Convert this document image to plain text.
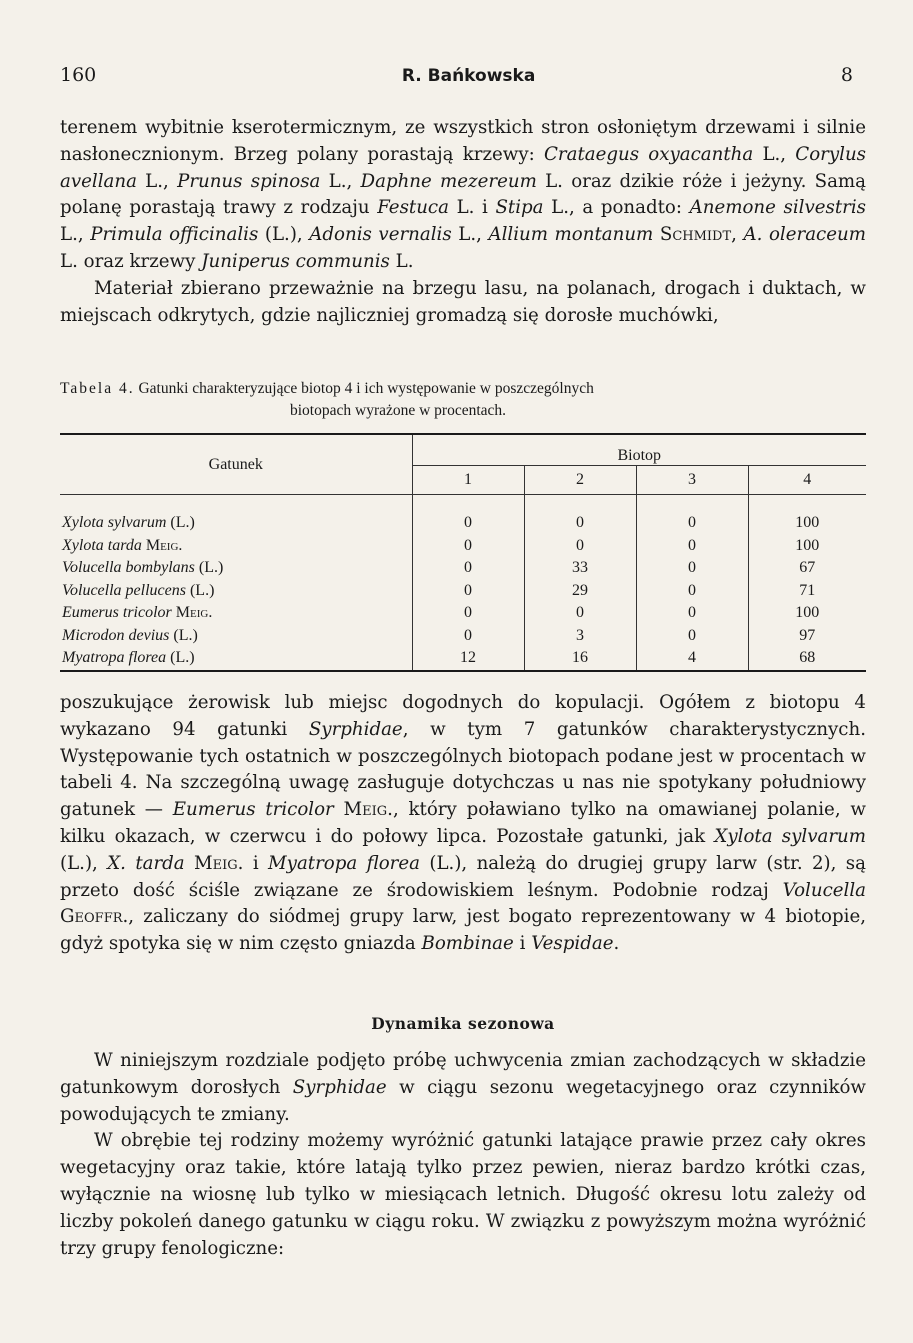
160	R. Bańkowska	8

terenem wybitnie kserotermicznym, ze wszystkich stron osłoniętym drzewami i silnie nasłonecznionym. Brzeg polany porastają krzewy: Crataegus oxyacantha L., Corylus avellana L., Prunus spinosa L., Daphne mezereum L. oraz dzikie róże i jeżyny. Samą polanę porastają trawy z rodzaju Festuca L. i Stipa L., a ponadto: Anemone silvestris L., Primula officinalis (L.), Adonis vernalis L., Allium montanum Schmidt, A. oleraceum L. oraz krzewy Juniperus communis L.

Materiał zbierano przeważnie na brzegu lasu, na polanach, drogach i duktach, w miejscach odkrytych, gdzie najliczniej gromadzą się dorosłe muchówki,

Tabela 4. Gatunki charakteryzujące biotop 4 i ich występowanie w poszczególnych
biotopach wyrażone w procentach.
Gatunek	Biotop			
	1	2	3	4

Xylota sylvarum (L.)	0	0	0	100
Xylota tarda Meig.	0	0	0	100
Volucella bombylans (L.)	0	33	0	67
Volucella pellucens (L.)	0	29	0	71
Eumerus tricolor Meig.	0	0	0	100
Microdon devius (L.)	0	3	0	97
Myatropa florea (L.)	12	16	4	68

poszukujące żerowisk lub miejsc dogodnych do kopulacji. Ogółem z biotopu 4 wykazano 94 gatunki Syrphidae, w tym 7 gatunków charakterystycznych. Występowanie tych ostatnich w poszczególnych biotopach podane jest w procentach w tabeli 4. Na szczególną uwagę zasługuje dotychczas u nas nie spotykany południowy gatunek — Eumerus tricolor Meig., który poławiano tylko na omawianej polanie, w kilku okazach, w czerwcu i do połowy lipca. Pozostałe gatunki, jak Xylota sylvarum (L.), X. tarda Meig. i Myatropa florea (L.), należą do drugiej grupy larw (str. 2), są przeto dość ściśle związane ze środowiskiem leśnym. Podobnie rodzaj Volucella Geoffr., zaliczany do siódmej grupy larw, jest bogato reprezentowany w 4 biotopie, gdyż spotyka się w nim często gniazda Bombinae i Vespidae.

Dynamika sezonowa

W niniejszym rozdziale podjęto próbę uchwycenia zmian zachodzących w składzie gatunkowym dorosłych Syrphidae w ciągu sezonu wegetacyjnego oraz czynników powodujących te zmiany.

W obrębie tej rodziny możemy wyróżnić gatunki latające prawie przez cały okres wegetacyjny oraz takie, które latają tylko przez pewien, nieraz bardzo krótki czas, wyłącznie na wiosnę lub tylko w miesiącach letnich. Długość okresu lotu zależy od liczby pokoleń danego gatunku w ciągu roku. W związku z powyższym można wyróżnić trzy grupy fenologiczne:
